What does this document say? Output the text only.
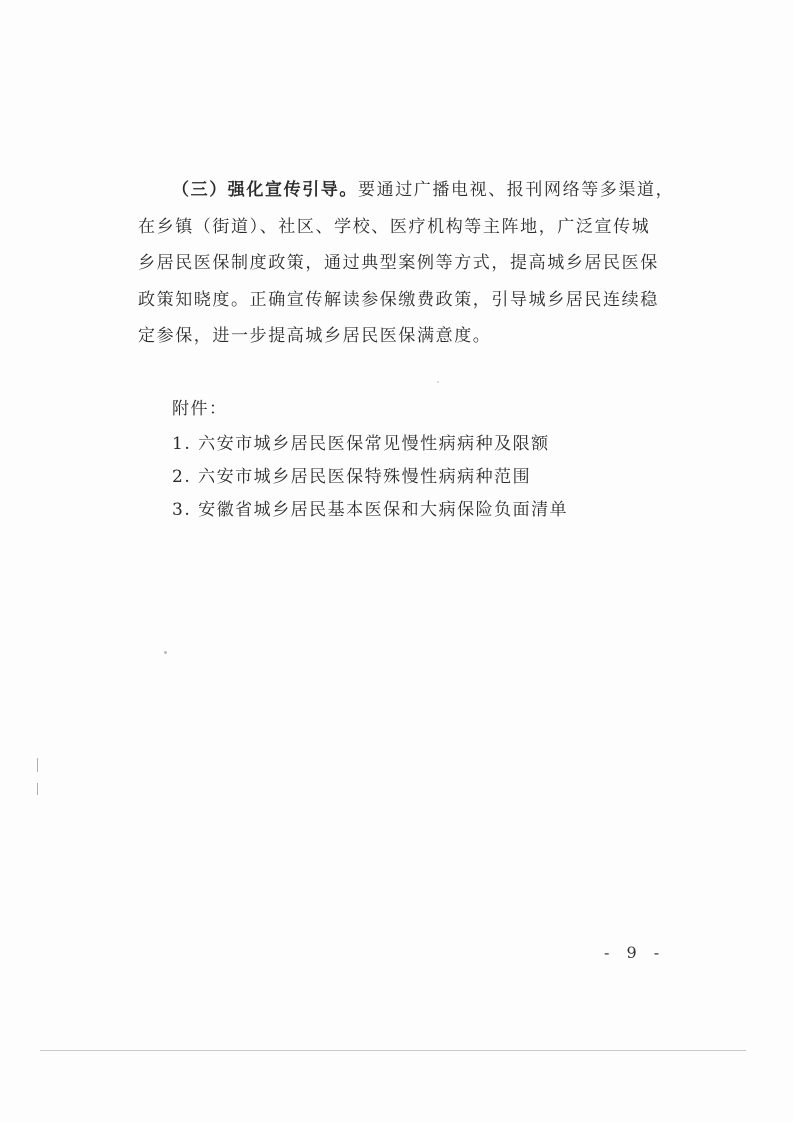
（三）强化宣传引导。要通过广播电视、报刊网络等多渠道，
在乡镇（街道）、社区、学校、医疗机构等主阵地，广泛宣传城
乡居民医保制度政策，通过典型案例等方式，提高城乡居民医保
政策知晓度。正确宣传解读参保缴费政策，引导城乡居民连续稳
定参保，进一步提高城乡居民医保满意度。
附件：
1. 六安市城乡居民医保常见慢性病病种及限额
2. 六安市城乡居民医保特殊慢性病病种范围
3. 安徽省城乡居民基本医保和大病保险负面清单
- 9 -
